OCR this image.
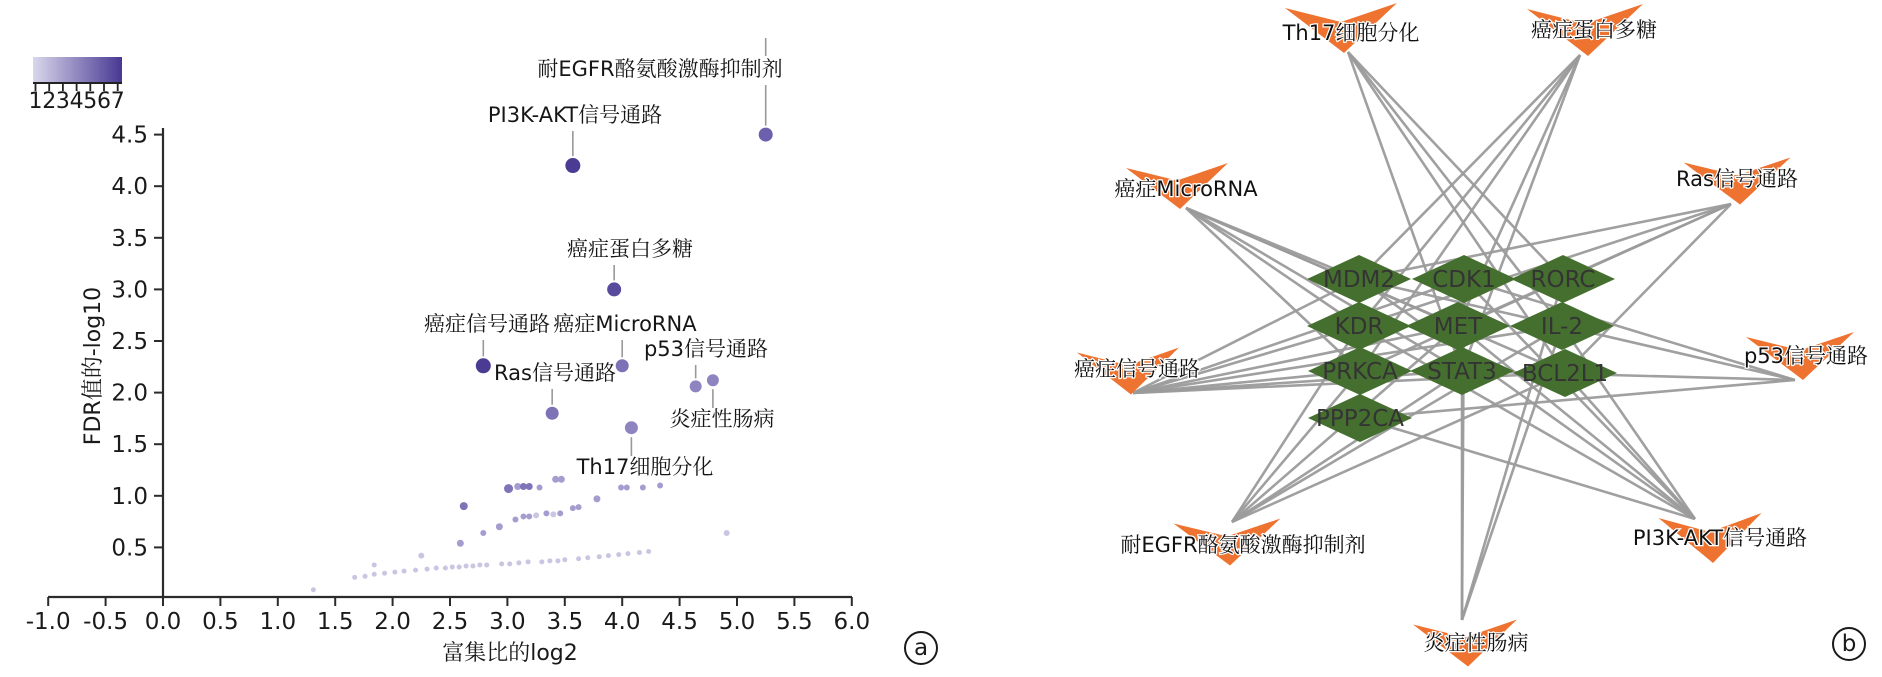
1 2 3 4 5 6 7
0.5
1.0
1.5
2.0
2.5
3.0
3.5
4.0
4.5
-1.0 -0.5 0.0 0.5 1.0 1.5 2.0 2.5 3.0 3.5 4.0 4.5 5.0 5.5 6.0
富集比的log2
FDR值的-log10
耐EGFR酪氨酸激酶抑制剂
PI3K-AKT信号通路
癌症蛋白多糖
癌症信号通路 癌症MicroRNA
p53信号通路
Ras信号通路
炎症性肠病
Th17细胞分化
MDM2 CDK1 RORC
KDR MET	IL-2
PRKCA STAT3 BCL2L1
PPP2CA
Th17细胞分化	癌症蛋白多糖
癌症MicroRNA	Ras信号通路
癌症信号通路
p53信号通路
耐EGFR酪氨酸激酶抑制剂	PI3K-AKT信号通路
炎症性肠病
a	b
